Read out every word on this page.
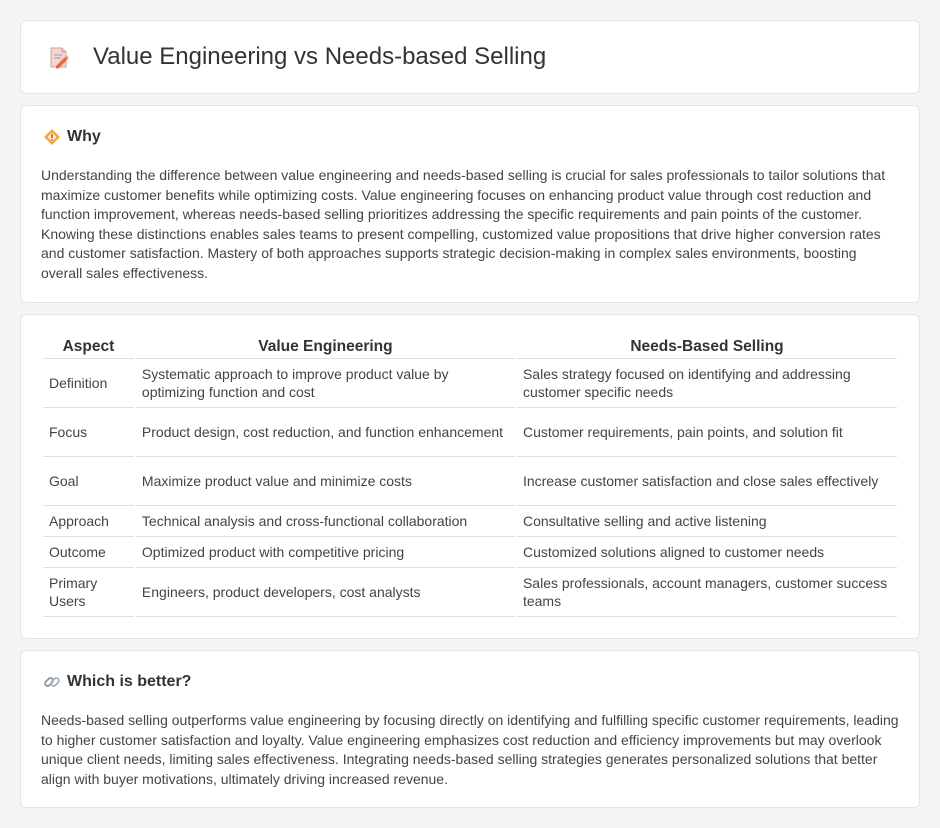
Value Engineering vs Needs-based Selling
Why

Understanding the difference between value engineering and needs-based selling is crucial for sales professionals to tailor solutions that maximize customer benefits while optimizing costs. Value engineering focuses on enhancing product value through cost reduction and function improvement, whereas needs-based selling prioritizes addressing the specific requirements and pain points of the customer. Knowing these distinctions enables sales teams to present compelling, customized value propositions that drive higher conversion rates and customer satisfaction. Mastery of both approaches supports strategic decision-making in complex sales environments, boosting overall sales effectiveness.

Aspect	Value Engineering	Needs-Based Selling
Definition	Systematic approach to improve product value by optimizing function and cost	Sales strategy focused on identifying and addressing customer specific needs
Focus	Product design, cost reduction, and function enhancement	Customer requirements, pain points, and solution fit
Goal	Maximize product value and minimize costs	Increase customer satisfaction and close sales effectively
Approach	Technical analysis and cross-functional collaboration	Consultative selling and active listening
Outcome	Optimized product with competitive pricing	Customized solutions aligned to customer needs
Primary Users	Engineers, product developers, cost analysts	Sales professionals, account managers, customer success teams
Which is better?

Needs-based selling outperforms value engineering by focusing directly on identifying and fulfilling specific customer requirements, leading to higher customer satisfaction and loyalty. Value engineering emphasizes cost reduction and efficiency improvements but may overlook unique client needs, limiting sales effectiveness. Integrating needs-based selling strategies generates personalized solutions that better align with buyer motivations, ultimately driving increased revenue.
